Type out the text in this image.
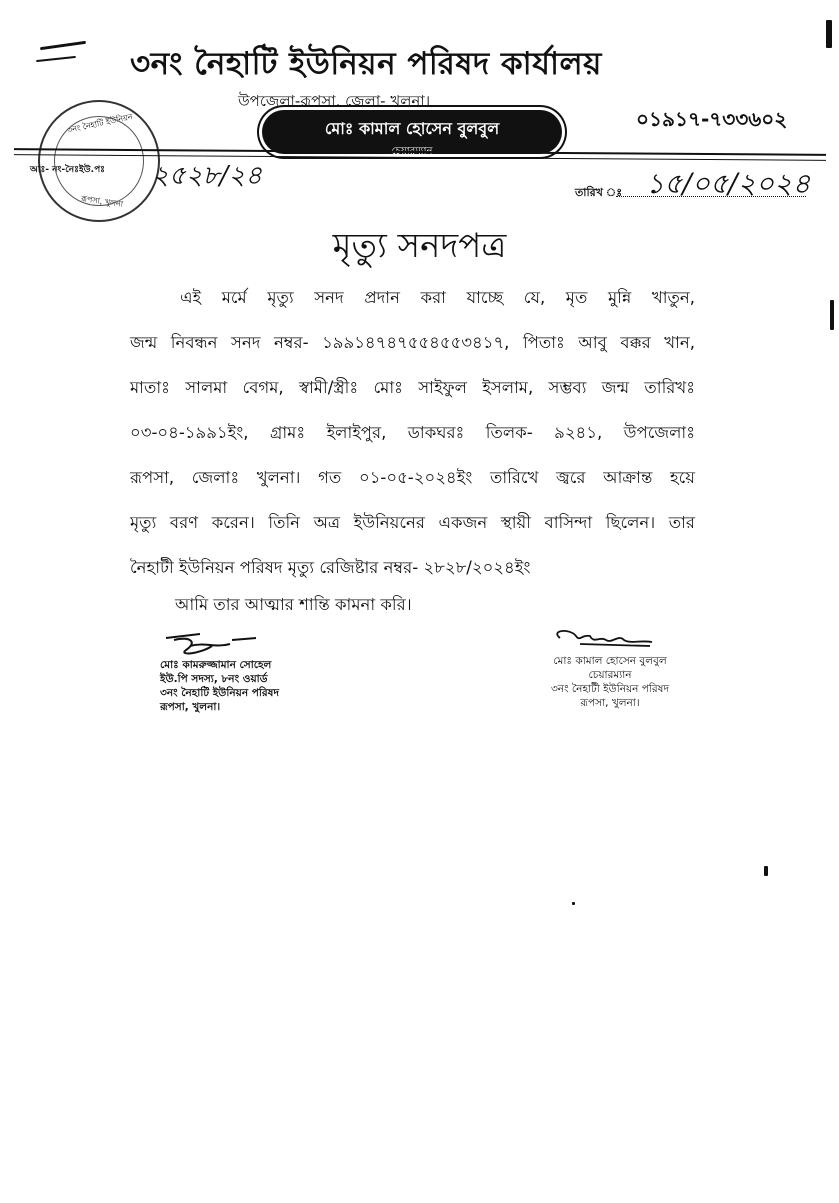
৩নং নৈহাটি ইউনিয়ন
আঃ- নং-নৈঃইউ.পঃ
রূপসা, খুলনা
৩নং নৈহাটি ইউনিয়ন পরিষদ কার্যালয়
উপজেলা-রূপসা, জেলা- খুলনা।
০১৯১৭-৭৩৩৬০২
মোঃ কামাল হোসেন বুলবুল
চেয়ারম্যান
২৫২৮/২৪
তারিখ ঃ ১৫/০৫/২০২৪
মৃত্যু সনদপত্র
এই মর্মে মৃত্যু সনদ প্রদান করা যাচ্ছে যে, মৃত মুন্নি খাতুন,
জন্ম নিবন্ধন সনদ নম্বর- ১৯৯১৪৭৪৭৫৫৪৫৫৩৪১৭, পিতাঃ আবু বক্কর খান,
মাতাঃ সালমা বেগম, স্বামী/স্ত্রীঃ মোঃ সাইফুল ইসলাম, সম্ভব্য জন্ম তারিখঃ
০৩-০৪-১৯৯১ইং, গ্রামঃ ইলাইপুর, ডাকঘরঃ তিলক- ৯২৪১, উপজেলাঃ
রূপসা, জেলাঃ খুলনা। গত ০১-০৫-২০২৪ইং তারিখে জ্বরে আক্রান্ত হয়ে
মৃত্যু বরণ করেন। তিনি অত্র ইউনিয়নের একজন স্থায়ী বাসিন্দা ছিলেন। তার
নৈহাটী ইউনিয়ন পরিষদ মৃত্যু রেজিষ্টার নম্বর- ২৮২৮/২০২৪ইং
আমি তার আত্মার শান্তি কামনা করি।
মোঃ কামরুজ্জামান সোহেল
ইউ.পি সদস্য, ৮নং ওয়ার্ড
৩নং নৈহাটি ইউনিয়ন পরিষদ
রূপসা, খুলনা।
মোঃ কামাল হোসেন বুলবুল
চেয়ারম্যান
৩নং নৈহাটী ইউনিয়ন পরিষদ
রূপসা, খুলনা।
